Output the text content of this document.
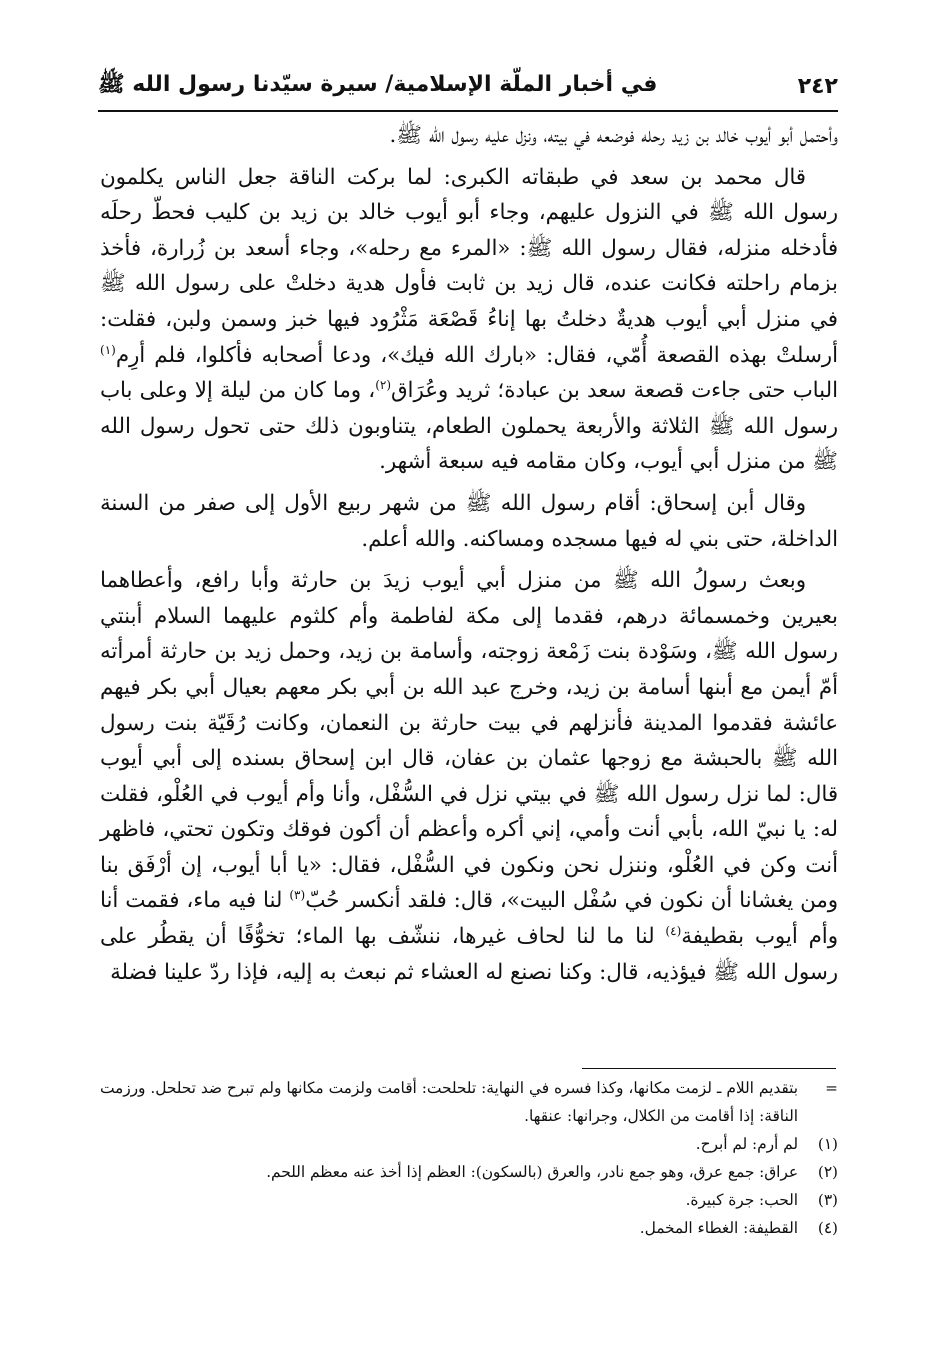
٢٤٢
في أخبار الملّة الإسلامية/ سيرة سيّدنا رسول الله ﷺ

وأحتمل أبو أيوب خالد بن زيد رحله فوضعه في بيته، ونزل عليه رسول الله ﷺ.

قال محمد بن سعد في طبقاته الكبرى: لما بركت الناقة جعل الناس يكلمون رسول الله ﷺ في النزول عليهم، وجاء أبو أيوب خالد بن زيد بن كليب فحطّ رحلَه فأدخله منزله، فقال رسول الله ﷺ: «المرء مع رحله»، وجاء أسعد بن زُرارة، فأخذ بزمام راحلته فكانت عنده، قال زيد بن ثابت فأول هدية دخلتْ على رسول الله ﷺ في منزل أبي أيوب هديةٌ دخلتُ بها إناءُ قَصْعَة مَثْرُود فيها خبز وسمن ولبن، فقلت: أرسلتْ بهذه القصعة أُمّي، فقال: «بارك الله فيك»، ودعا أصحابه فأكلوا، فلم أرِم$^{(١)}$ الباب حتى جاءت قصعة سعد بن عبادة؛ ثريد وعُرَاق$^{(٢)}$، وما كان من ليلة إلا وعلى باب رسول الله ﷺ الثلاثة والأربعة يحملون الطعام، يتناوبون ذلك حتى تحول رسول الله ﷺ من منزل أبي أيوب، وكان مقامه فيه سبعة أشهر.

وقال أبن إسحاق: أقام رسول الله ﷺ من شهر ربيع الأول إلى صفر من السنة الداخلة، حتى بني له فيها مسجده ومساكنه. والله أعلم.

وبعث رسولُ الله ﷺ من منزل أبي أيوب زيدَ بن حارثة وأبا رافع، وأعطاهما بعيرين وخمسمائة درهم، فقدما إلى مكة لفاطمة وأم كلثوم عليهما السلام أبنتي رسول الله ﷺ، وسَوْدة بنت زَمْعة زوجته، وأسامة بن زيد، وحمل زيد بن حارثة أمرأته أمّ أيمن مع أبنها أسامة بن زيد، وخرج عبد الله بن أبي بكر معهم بعيال أبي بكر فيهم عائشة فقدموا المدينة فأنزلهم في بيت حارثة بن النعمان، وكانت رُقَيّة بنت رسول الله ﷺ بالحبشة مع زوجها عثمان بن عفان، قال ابن إسحاق بسنده إلى أبي أيوب قال: لما نزل رسول الله ﷺ في بيتي نزل في السُّفْل، وأنا وأم أيوب في العُلْو، فقلت له: يا نبيّ الله، بأبي أنت وأمي، إني أكره وأعظم أن أكون فوقك وتكون تحتي، فاظهر أنت وكن في العُلْو، وننزل نحن ونكون في السُّفْل، فقال: «يا أبا أيوب، إن أرْفَق بنا ومن يغشانا أن نكون في سُفْل البيت»، قال: فلقد أنكسر حُبّ$^{(٣)}$ لنا فيه ماء، فقمت أنا وأم أيوب بقطيفة$^{(٤)}$ لنا ما لنا لحاف غيرها، ننشّف بها الماء؛ تخوُّفًا أن يقطُر على رسول الله ﷺ فيؤذيه، قال: وكنا نصنع له العشاء ثم نبعث به إليه، فإذا ردّ علينا فضلة

=
بتقديم اللام ـ لزمت مكانها، وكذا فسره في النهاية: تلحلحت: أقامت ولزمت مكانها ولم تبرح ضد تحلحل. ورزمت الناقة: إذا أقامت من الكلال، وجرانها: عنقها.
(١)
لم أرم: لم أبرح.
(٢)
عراق: جمع عرق، وهو جمع نادر، والعرق (بالسكون): العظم إذا أخذ عنه معظم اللحم.
(٣)
الحب: جرة كبيرة.
(٤)
القطيفة: الغطاء المخمل.
